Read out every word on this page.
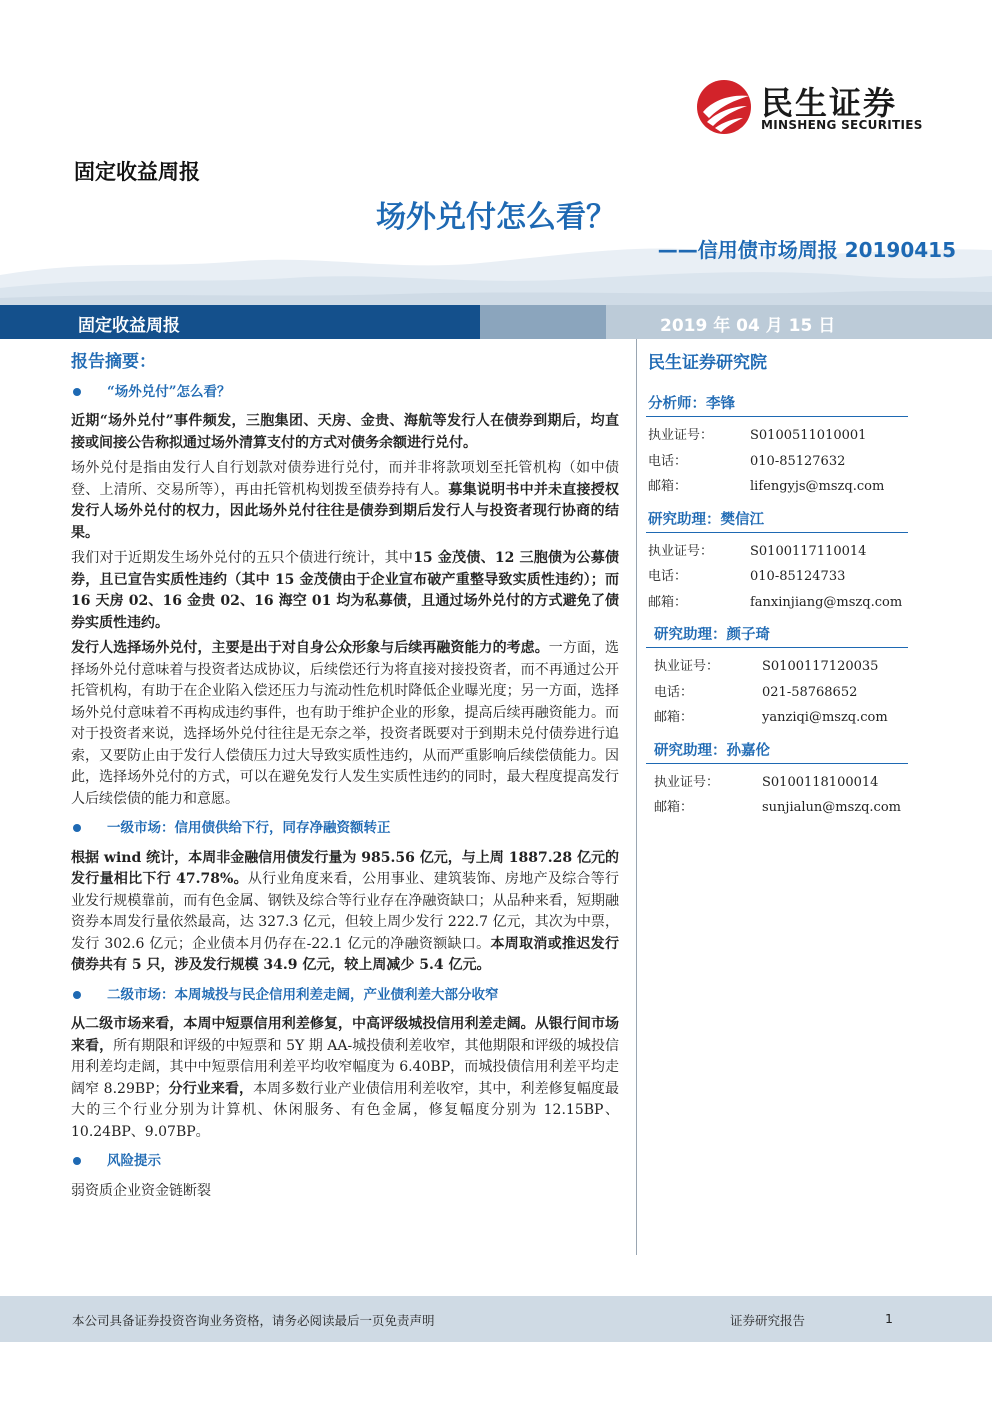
民生证券
MINSHENG SECURITIES
固定收益周报
场外兑付怎么看？
——信用债市场周报 20190415
固定收益周报	2019 年 04 月 15 日
报告摘要：
“场外兑付”怎么看？
近期“场外兑付”事件频发，三胞集团、天房、金贵、海航等发行人在债券到期后，均直接或间接公告称拟通过场外清算支付的方式对债务余额进行兑付。
场外兑付是指由发行人自行划款对债券进行兑付，而并非将款项划至托管机构（如中债登、上清所、交易所等），再由托管机构划拨至债券持有人。募集说明书中并未直接授权发行人场外兑付的权力，因此场外兑付往往是债券到期后发行人与投资者现行协商的结果。
我们对于近期发生场外兑付的五只个债进行统计，其中15 金茂债、12 三胞债为公募债券，且已宣告实质性违约（其中 15 金茂债由于企业宣布破产重整导致实质性违约）；而 16 天房 02、16 金贵 02、16 海空 01 均为私募债，且通过场外兑付的方式避免了债券实质性违约。
发行人选择场外兑付，主要是出于对自身公众形象与后续再融资能力的考虑。一方面，选择场外兑付意味着与投资者达成协议，后续偿还行为将直接对接投资者，而不再通过公开托管机构，有助于在企业陷入偿还压力与流动性危机时降低企业曝光度；另一方面，选择场外兑付意味着不再构成违约事件，也有助于维护企业的形象，提高后续再融资能力。而对于投资者来说，选择场外兑付往往是无奈之举，投资者既要对于到期未兑付债券进行追索，又要防止由于发行人偿债压力过大导致实质性违约，从而严重影响后续偿债能力。因此，选择场外兑付的方式，可以在避免发行人发生实质性违约的同时，最大程度提高发行人后续偿债的能力和意愿。
一级市场：信用债供给下行，同存净融资额转正
根据 wind 统计，本周非金融信用债发行量为 985.56 亿元，与上周 1887.28 亿元的发行量相比下行 47.78%。从行业角度来看，公用事业、建筑装饰、房地产及综合等行业发行规模靠前，而有色金属、钢铁及综合等行业存在净融资缺口；从品种来看，短期融资券本周发行量依然最高，达 327.3 亿元，但较上周少发行 222.7 亿元，其次为中票，发行 302.6 亿元；企业债本月仍存在-22.1 亿元的净融资额缺口。本周取消或推迟发行债券共有 5 只，涉及发行规模 34.9 亿元，较上周减少 5.4 亿元。
二级市场：本周城投与民企信用利差走阔，产业债利差大部分收窄
从二级市场来看，本周中短票信用利差修复，中高评级城投信用利差走阔。从银行间市场来看，所有期限和评级的中短票和 5Y 期 AA-城投债利差收窄，其他期限和评级的城投信用利差均走阔，其中中短票信用利差平均收窄幅度为 6.40BP，而城投债信用利差平均走阔窄 8.29BP；分行业来看，本周多数行业产业债信用利差收窄，其中，利差修复幅度最大的三个行业分别为计算机、休闲服务、有色金属，修复幅度分别为 12.15BP、10.24BP、9.07BP。
风险提示
弱资质企业资金链断裂
民生证券研究院
分析师：李锋
执业证号：	S0100511010001
电话：	010-85127632
邮箱：	lifengyjs@mszq.com
研究助理：樊信江
执业证号：	S0100117110014
电话：	010-85124733
邮箱：	fanxinjiang@mszq.com
研究助理：颜子琦
执业证号：	S0100117120035
电话：	021-58768652
邮箱：	yanziqi@mszq.com
研究助理：孙嘉伦
执业证号：	S0100118100014
邮箱：	sunjialun@mszq.com
本公司具备证券投资咨询业务资格，请务必阅读最后一页免责声明	证券研究报告	1
